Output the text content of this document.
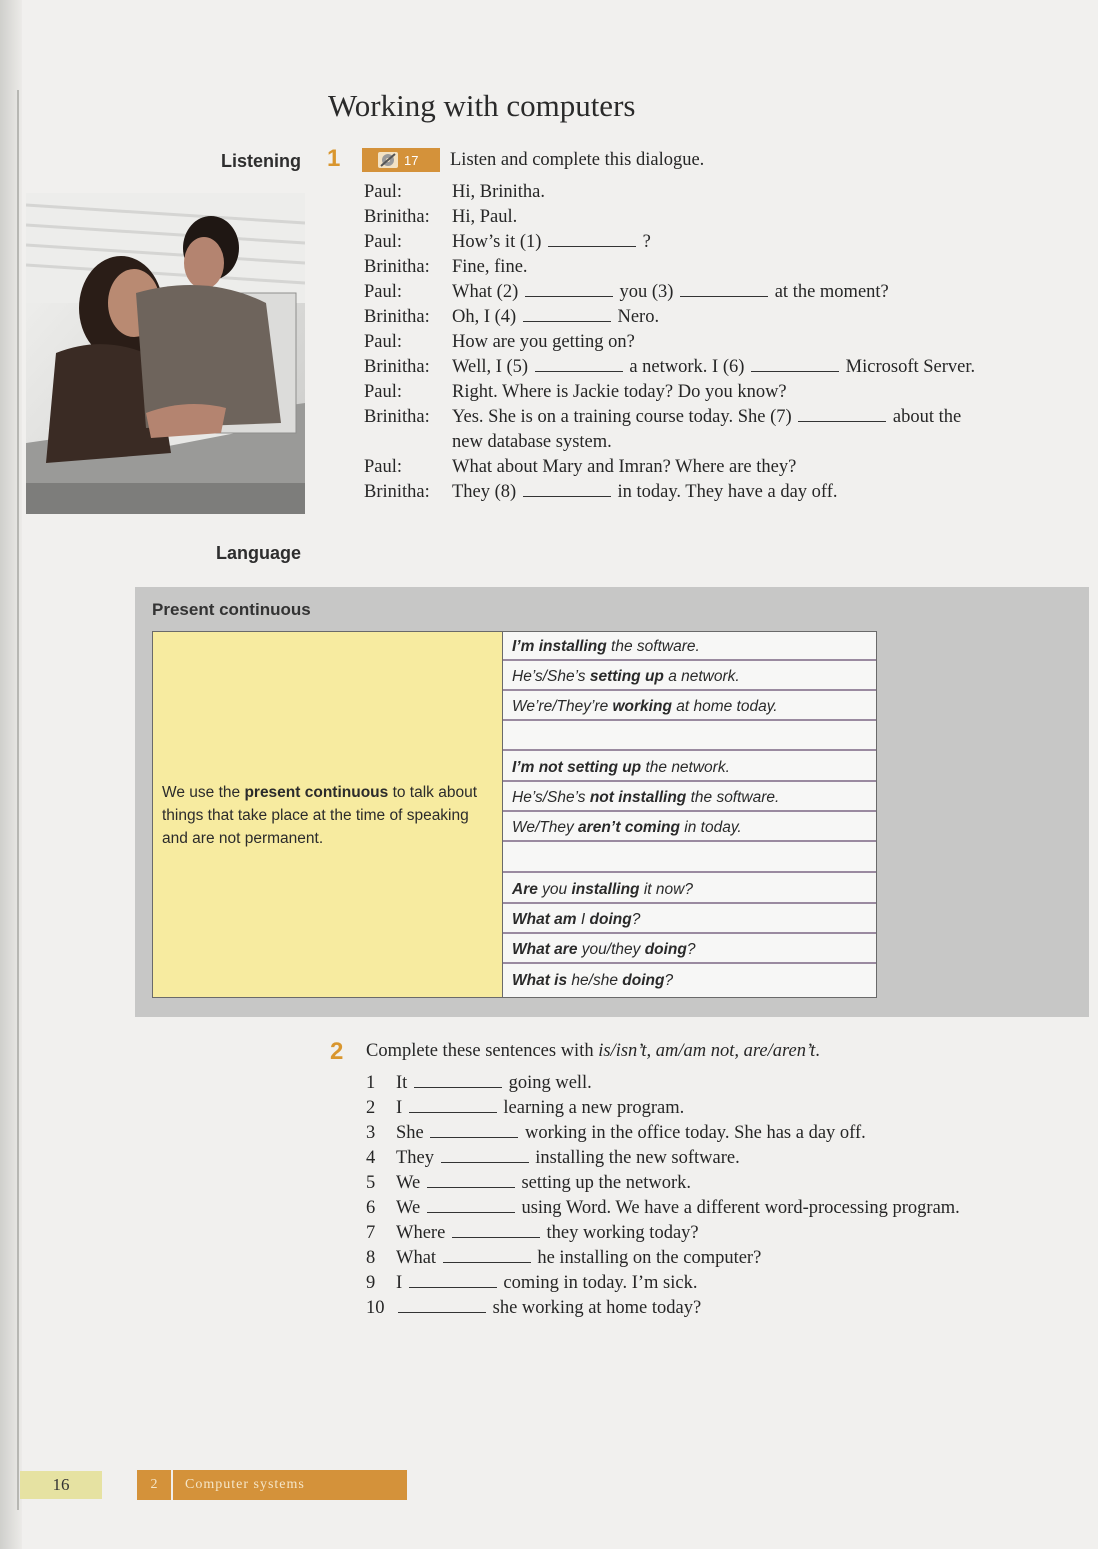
Working with computers
Listening 1	17 Listen and complete this dialogue.
Paul:	Hi, Brinitha.
Brinitha: Hi, Paul.
Paul:	How’s it (1)	?
Brinitha: Fine, fine.
Paul:	What (2)	you (3)	at the moment?
Brinitha: Oh, I (4)	Nero.
Paul:	How are you getting on?
Brinitha: Well, I (5)	a network. I (6)	Microsoft Server.
Paul:	Right. Where is Jackie today? Do you know?
Brinitha: Yes. She is on a training course today. She (7)	about the
new database system.
Paul:	What about Mary and Imran? Where are they?
Brinitha: They (8)	in today. They have a day off.
Language
Present continuous
We use the present continuous to talk about things that take place at the time of speaking and are not permanent.
I’m installing the software.
He’s/She’s setting up a network.
We’re/They’re working at home today.
I’m not setting up the network.
He’s/She’s not installing the software.
We/They aren’t coming in today.
Are you installing it now?
What am I doing?
What are you/they doing?
What is he/she doing?
2 Complete these sentences with is/isn’t, am/am not, are/aren’t.
1 It	going well.
2 I	learning a new program.
3 She	working in the office today. She has a day off.
4 They	installing the new software.
5 We	setting up the network.
6 We	using Word. We have a different word-processing program.
7 Where	they working today?
8 What	he installing on the computer?
9 I	coming in today. I’m sick.
10	she working at home today?
16	2	Computer systems
